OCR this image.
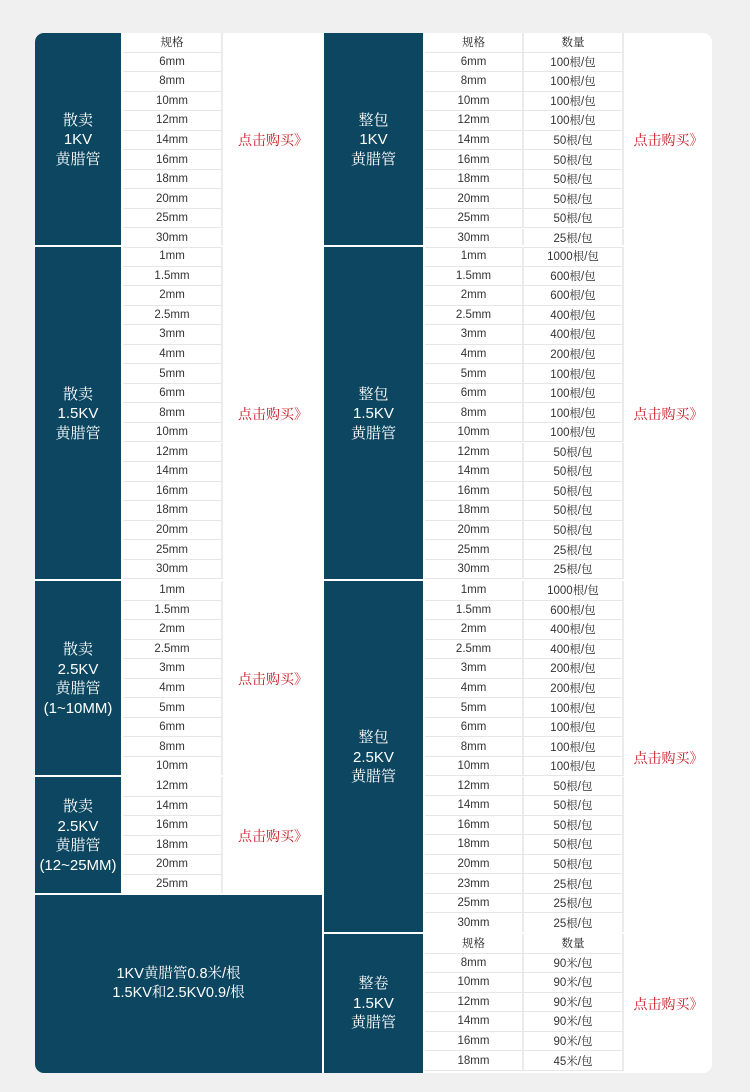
散卖
1KV
黄腊管
规格
6mm
8mm
10mm
12mm
14mm
16mm
18mm
20mm
25mm
30mm
点击购买》
散卖
1.5KV
黄腊管
1mm
1.5mm
2mm
2.5mm
3mm
4mm
5mm
6mm
8mm
10mm
12mm
14mm
16mm
18mm
20mm
25mm
30mm
点击购买》
散卖
2.5KV
黄腊管
(1~10MM)
1mm
1.5mm
2mm
2.5mm
3mm
4mm
5mm
6mm
8mm
10mm
点击购买》
散卖
2.5KV
黄腊管
(12~25MM)
12mm
14mm
16mm
18mm
20mm
25mm
点击购买》
1KV黄腊管0.8米/根
1.5KV和2.5KV0.9/根
整包
1KV
黄腊管
规格	数量
6mm	100根/包
8mm	100根/包
10mm	100根/包
12mm	100根/包
14mm	50根/包
16mm	50根/包
18mm	50根/包
20mm	50根/包
25mm	50根/包
30mm	25根/包
点击购买》
整包
1.5KV
黄腊管
1mm	1000根/包
1.5mm	600根/包
2mm	600根/包
2.5mm	400根/包
3mm	400根/包
4mm	200根/包
5mm	100根/包
6mm	100根/包
8mm	100根/包
10mm	100根/包
12mm	50根/包
14mm	50根/包
16mm	50根/包
18mm	50根/包
20mm	50根/包
25mm	25根/包
30mm	25根/包
点击购买》
整包
2.5KV
黄腊管
1mm	1000根/包
1.5mm	600根/包
2mm	400根/包
2.5mm	400根/包
3mm	200根/包
4mm	200根/包
5mm	100根/包
6mm	100根/包
8mm	100根/包
10mm	100根/包
12mm	50根/包
14mm	50根/包
16mm	50根/包
18mm	50根/包
20mm	50根/包
23mm	25根/包
25mm	25根/包
30mm	25根/包
点击购买》
整卷
1.5KV
黄腊管
规格	数量
8mm	90米/包
10mm	90米/包
12mm	90米/包
14mm	90米/包
16mm	90米/包
18mm	45米/包
点击购买》
